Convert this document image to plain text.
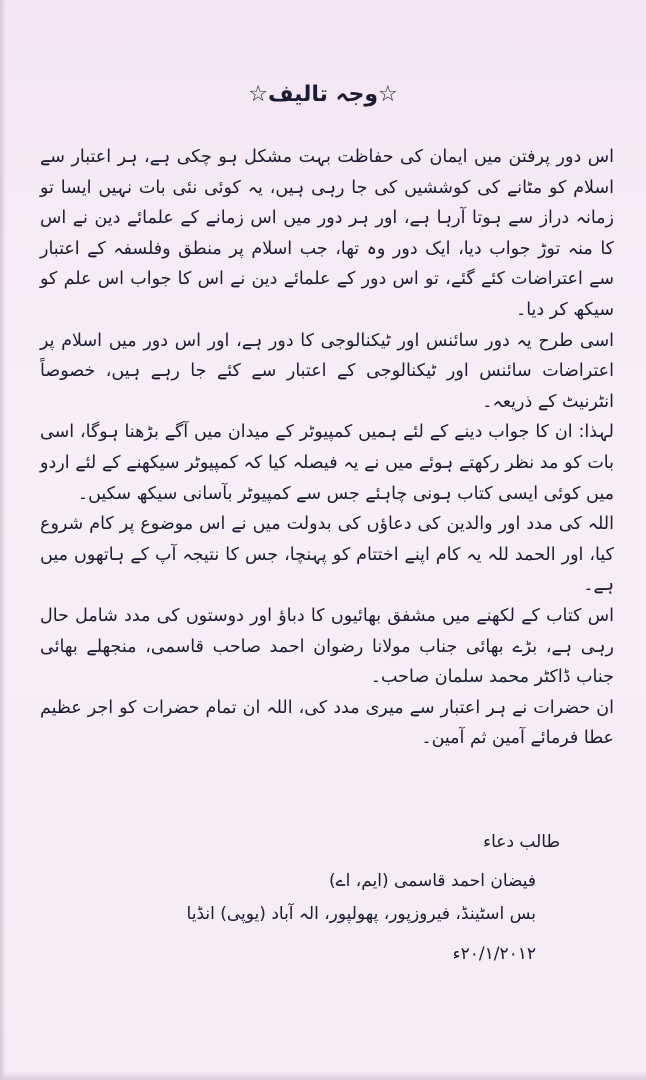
☆وجہ تالیف☆

اس دور پرفتن میں ایمان کی حفاظت بہت مشکل ہو چکی ہے، ہر اعتبار سے اسلام کو مٹانے کی کوششیں کی جا رہی ہیں، یہ کوئی نئی بات نہیں ایسا تو زمانہ دراز سے ہوتا آرہا ہے، اور ہر دور میں اس زمانے کے علمائے دین نے اس کا منہ توڑ جواب دیا، ایک دور وہ تھا، جب اسلام پر منطق وفلسفہ کے اعتبار سے اعتراضات کئے گئے، تو اس دور کے علمائے دین نے اس کا جواب اس علم کو سیکھ کر دیا۔

اسی طرح یہ دور سائنس اور ٹیکنالوجی کا دور ہے، اور اس دور میں اسلام پر اعتراضات سائنس اور ٹیکنالوجی کے اعتبار سے کئے جا رہے ہیں، خصوصاً انٹرنیٹ کے ذریعہ۔

لہذا: ان کا جواب دینے کے لئے ہمیں کمپیوٹر کے میدان میں آگے بڑھنا ہوگا، اسی بات کو مد نظر رکھتے ہوئے میں نے یہ فیصلہ کیا کہ کمپیوٹر سیکھنے کے لئے اردو میں کوئی ایسی کتاب ہونی چاہئے جس سے کمپیوٹر بآسانی سیکھ سکیں۔

اللہ کی مدد اور والدین کی دعاؤں کی بدولت میں نے اس موضوع پر کام شروع کیا، اور الحمد للہ یہ کام اپنے اختتام کو پہنچا، جس کا نتیجہ آپ کے ہاتھوں میں ہے۔

اس کتاب کے لکھنے میں مشفق بھائیوں کا دباؤ اور دوستوں کی مدد شامل حال رہی ہے، بڑے بھائی جناب مولانا رضوان احمد صاحب قاسمی، منجھلے بھائی جناب ڈاکٹر محمد سلمان صاحب۔

ان حضرات نے ہر اعتبار سے میری مدد کی، اللہ ان تمام حضرات کو اجر عظیم عطا فرمائے آمین ثم آمین۔

طالب دعاء
فیضان احمد قاسمی (ایم، اے)
بس اسٹینڈ، فیروزپور، پھولپور، الہ آباد (یوپی) انڈیا
۲۰/۱/۲۰۱۲ء
